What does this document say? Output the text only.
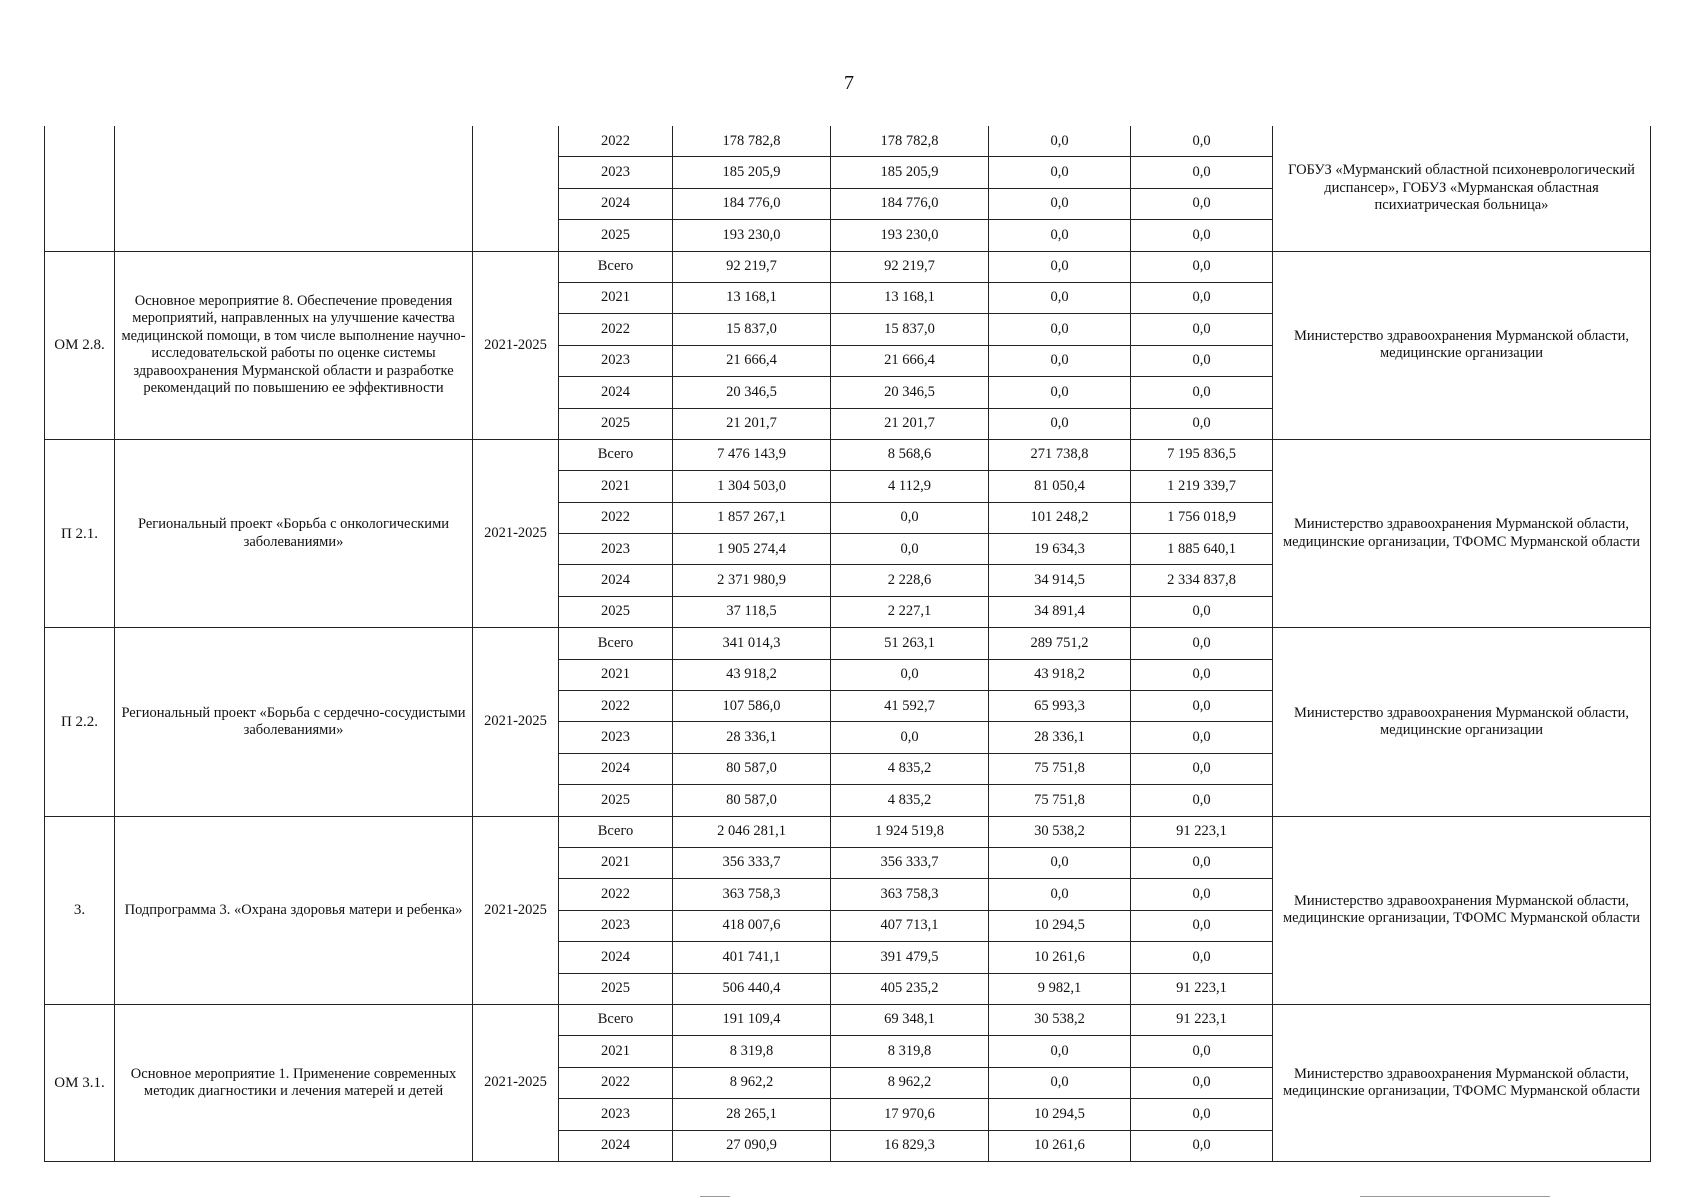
7
			2022	178 782,8	178 782,8	0,0	0,0	ГОБУЗ «Мурманский областной психоневрологический диспансер», ГОБУЗ «Мурманская областная психиатрическая больница»
			2023	185 205,9	185 205,9	0,0	0,0	
			2024	184 776,0	184 776,0	0,0	0,0	
			2025	193 230,0	193 230,0	0,0	0,0	
ОМ 2.8.	Основное мероприятие 8. Обеспечение проведения мероприятий, направленных на улучшение качества медицинской помощи, в том числе выполнение научно-исследовательской работы по оценке системы здравоохранения Мурманской области и разработке рекомендаций по повышению ее эффективности	2021-2025	Всего	92 219,7	92 219,7	0,0	0,0	Министерство здравоохранения Мурманской области, медицинские организации
			2021	13 168,1	13 168,1	0,0	0,0	
			2022	15 837,0	15 837,0	0,0	0,0	
			2023	21 666,4	21 666,4	0,0	0,0	
			2024	20 346,5	20 346,5	0,0	0,0	
			2025	21 201,7	21 201,7	0,0	0,0	
П 2.1.	Региональный проект «Борьба с онкологическими заболеваниями»	2021-2025	Всего	7 476 143,9	8 568,6	271 738,8	7 195 836,5	Министерство здравоохранения Мурманской области, медицинские организации, ТФОМС Мурманской области
			2021	1 304 503,0	4 112,9	81 050,4	1 219 339,7	
			2022	1 857 267,1	0,0	101 248,2	1 756 018,9	
			2023	1 905 274,4	0,0	19 634,3	1 885 640,1	
			2024	2 371 980,9	2 228,6	34 914,5	2 334 837,8	
			2025	37 118,5	2 227,1	34 891,4	0,0	
П 2.2.	Региональный проект «Борьба с сердечно-сосудистыми заболеваниями»	2021-2025	Всего	341 014,3	51 263,1	289 751,2	0,0	Министерство здравоохранения Мурманской области, медицинские организации
			2021	43 918,2	0,0	43 918,2	0,0	
			2022	107 586,0	41 592,7	65 993,3	0,0	
			2023	28 336,1	0,0	28 336,1	0,0	
			2024	80 587,0	4 835,2	75 751,8	0,0	
			2025	80 587,0	4 835,2	75 751,8	0,0	
3.	Подпрограмма 3. «Охрана здоровья матери и ребенка»	2021-2025	Всего	2 046 281,1	1 924 519,8	30 538,2	91 223,1	Министерство здравоохранения Мурманской области, медицинские организации, ТФОМС Мурманской области
			2021	356 333,7	356 333,7	0,0	0,0	
			2022	363 758,3	363 758,3	0,0	0,0	
			2023	418 007,6	407 713,1	10 294,5	0,0	
			2024	401 741,1	391 479,5	10 261,6	0,0	
			2025	506 440,4	405 235,2	9 982,1	91 223,1	
ОМ 3.1.	Основное мероприятие 1. Применение современных методик диагностики и лечения матерей и детей	2021-2025	Всего	191 109,4	69 348,1	30 538,2	91 223,1	Министерство здравоохранения Мурманской области, медицинские организации, ТФОМС Мурманской области
			2021	8 319,8	8 319,8	0,0	0,0	
			2022	8 962,2	8 962,2	0,0	0,0	
			2023	28 265,1	17 970,6	10 294,5	0,0	
			2024	27 090,9	16 829,3	10 261,6	0,0	
